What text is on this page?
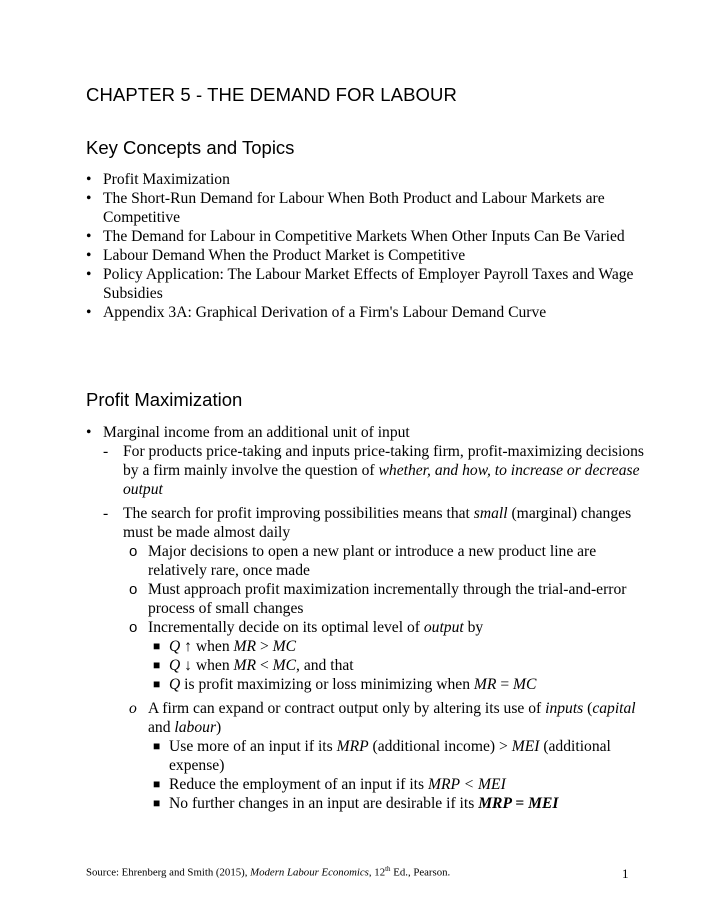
CHAPTER 5 - THE DEMAND FOR LABOUR
Key Concepts and Topics
• Profit Maximization
• The Short-Run Demand for Labour When Both Product and Labour Markets are Competitive
• The Demand for Labour in Competitive Markets When Other Inputs Can Be Varied
• Labour Demand When the Product Market is Competitive
• Policy Application: The Labour Market Effects of Employer Payroll Taxes and Wage Subsidies
• Appendix 3A: Graphical Derivation of a Firm's Labour Demand Curve
Profit Maximization
• Marginal income from an additional unit of input
- For products price-taking and inputs price-taking firm, profit-maximizing decisions by a firm mainly involve the question of whether, and how, to increase or decrease output
- The search for profit improving possibilities means that small (marginal) changes must be made almost daily
o Major decisions to open a new plant or introduce a new product line are relatively rare, once made
o Must approach profit maximization incrementally through the trial-and-error process of small changes
o Incrementally decide on its optimal level of output by
■ Q ↑ when MR > MC
■ Q ↓ when MR < MC, and that
■ Q is profit maximizing or loss minimizing when MR = MC
o A firm can expand or contract output only by altering its use of inputs (capital and labour)
■ Use more of an input if its MRP (additional income) > MEI (additional expense)
■ Reduce the employment of an input if its MRP < MEI
■ No further changes in an input are desirable if its MRP = MEI
Source: Ehrenberg and Smith (2015), Modern Labour Economics, 12th Ed., Pearson.	1
